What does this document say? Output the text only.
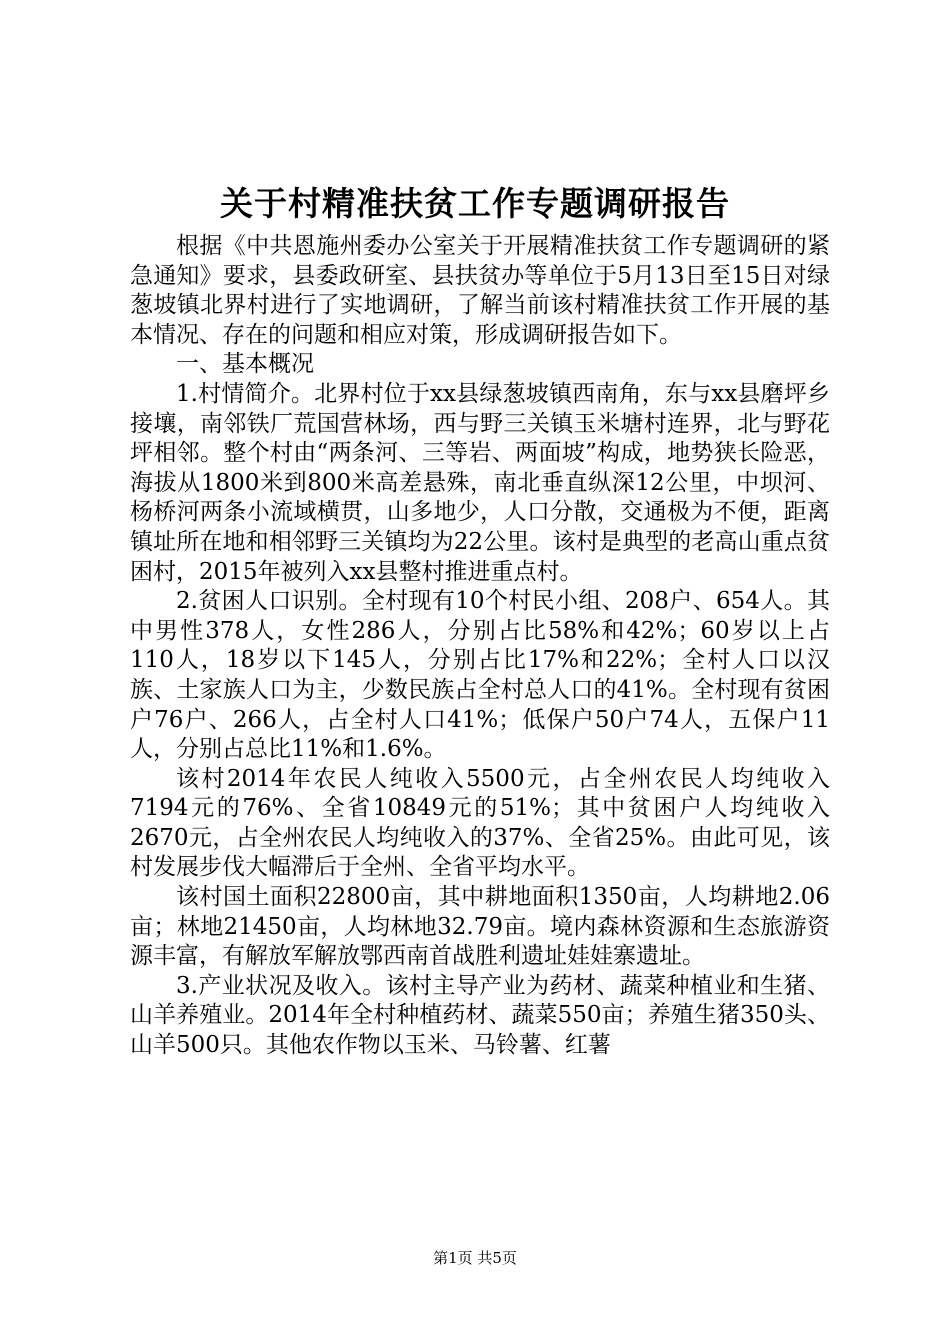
关于村精准扶贫工作专题调研报告

根据《中共恩施州委办公室关于开展精准扶贫工作专题调研的紧急通知》要求，县委政研室、县扶贫办等单位于5月13日至15日对绿葱坡镇北界村进行了实地调研，了解当前该村精准扶贫工作开展的基本情况、存在的问题和相应对策，形成调研报告如下。

一、基本概况

1.村情简介。北界村位于xx县绿葱坡镇西南角，东与xx县磨坪乡接壤，南邻铁厂荒国营林场，西与野三关镇玉米塘村连界，北与野花坪相邻。整个村由“两条河、三等岩、两面坡”构成，地势狭长险恶，海拔从1800米到800米高差悬殊，南北垂直纵深12公里，中坝河、杨桥河两条小流域横贯，山多地少，人口分散，交通极为不便，距离镇址所在地和相邻野三关镇均为22公里。该村是典型的老高山重点贫困村，2015年被列入xx县整村推进重点村。

2.贫困人口识别。全村现有10个村民小组、208户、654人。其中男性378人，女性286人，分别占比58%和42%；60岁以上占110人，18岁以下145人，分别占比17%和22%；全村人口以汉族、土家族人口为主，少数民族占全村总人口的41%。全村现有贫困户76户、266人，占全村人口41%；低保户50户74人，五保户11人，分别占总比11%和1.6%。

该村2014年农民人纯收入5500元，占全州农民人均纯收入7194元的76%、全省10849元的51%；其中贫困户人均纯收入2670元，占全州农民人均纯收入的37%、全省25%。由此可见，该村发展步伐大幅滞后于全州、全省平均水平。

该村国土面积22800亩，其中耕地面积1350亩，人均耕地2.06亩；林地21450亩，人均林地32.79亩。境内森林资源和生态旅游资源丰富，有解放军解放鄂西南首战胜利遗址娃娃寨遗址。

3.产业状况及收入。该村主导产业为药材、蔬菜种植业和生猪、山羊养殖业。2014年全村种植药材、蔬菜550亩；养殖生猪350头、山羊500只。其他农作物以玉米、马铃薯、红薯

第1页 共5页
